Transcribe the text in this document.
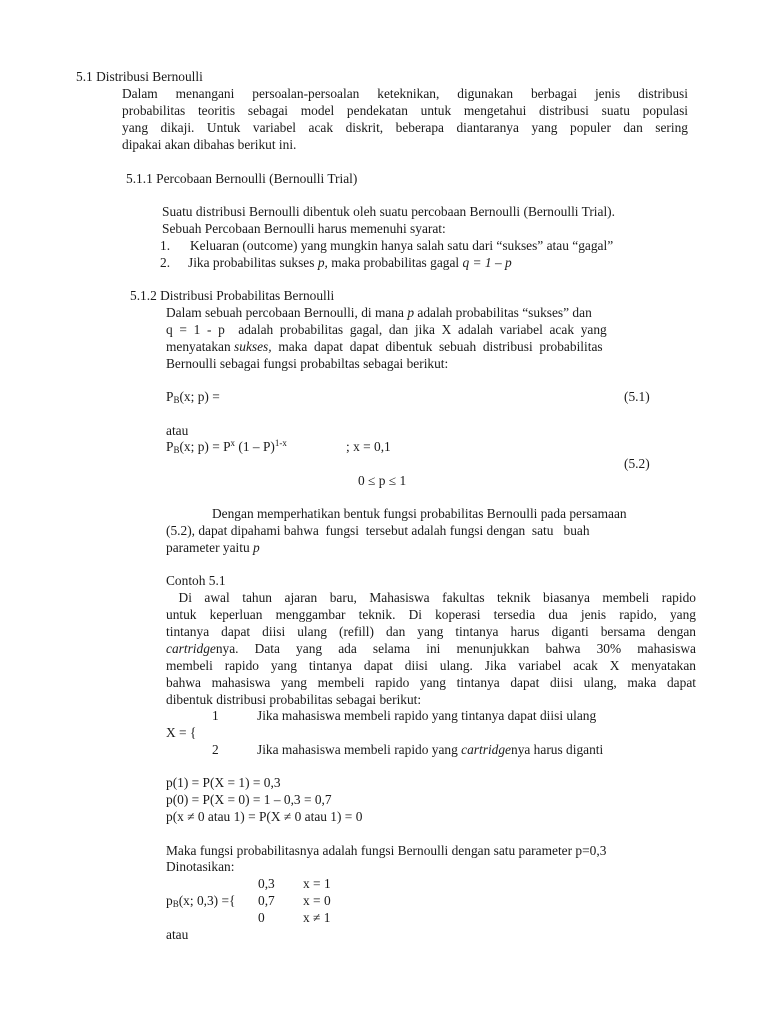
5.1 Distribusi Bernoulli
Dalam menangani persoalan-persoalan keteknikan, digunakan berbagai jenis distribusi
probabilitas teoritis sebagai model pendekatan untuk mengetahui distribusi suatu populasi
yang dikaji. Untuk variabel acak diskrit, beberapa diantaranya yang populer dan sering
dipakai akan dibahas berikut ini.
5.1.1 Percobaan Bernoulli (Bernoulli Trial)
Suatu distribusi Bernoulli dibentuk oleh suatu percobaan Bernoulli (Bernoulli Trial).
Sebuah Percobaan Bernoulli harus memenuhi syarat:
1. Keluaran (outcome) yang mungkin hanya salah satu dari “sukses” atau “gagal”
2. Jika probabilitas sukses p, maka probabilitas gagal q = 1 – p
5.1.2 Distribusi Probabilitas Bernoulli
Dalam sebuah percobaan Bernoulli, di mana p adalah probabilitas “sukses” dan
q  =  1  -  p    adalah  probabilitas  gagal,  dan  jika  X  adalah  variabel  acak  yang
menyatakan sukses,  maka  dapat  dapat  dibentuk  sebuah  distribusi  probabilitas
Bernoulli sebagai fungsi probabiltas sebagai berikut:
$P_B(x$; p) =	(5.1)
atau
$P_B(x$; $p) = P^x$ (1 – P)$^{1-x}$	; x = 0,1
(5.2)
0 ≤ p ≤ 1
Dengan memperhatikan bentuk fungsi probabilitas Bernoulli pada persamaan
(5.2), dapat dipahami bahwa  fungsi  tersebut adalah fungsi dengan  satu   buah
parameter yaitu p
Contoh 5.1
Di awal tahun ajaran baru, Mahasiswa fakultas teknik biasanya membeli rapido
untuk keperluan menggambar teknik. Di koperasi tersedia dua jenis rapido, yang
tintanya dapat diisi ulang (refill) dan yang tintanya harus diganti bersama dengan
cartridgenya. Data yang ada selama ini menunjukkan bahwa 30% mahasiswa
membeli rapido yang tintanya dapat diisi ulang. Jika variabel acak X menyatakan
bahwa mahasiswa yang membeli rapido yang tintanya dapat diisi ulang, maka dapat
dibentuk distribusi probabilitas sebagai berikut:
1	Jika mahasiswa membeli rapido yang tintanya dapat diisi ulang
X = {
2	Jika mahasiswa membeli rapido yang cartridgenya harus diganti
p(1) = P(X = 1) = 0,3
p(0) = P(X = 0) = 1 – 0,3 = 0,7
p(x ≠ 0 atau 1) = P(X ≠ 0 atau 1) = 0
Maka fungsi probabilitasnya adalah fungsi Bernoulli dengan satu parameter p=0,3
Dinotasikan:
0,3 x = 1
$p_B(x$; 0,3) ={ 0,7 x = 0
0	x ≠ 1
atau
